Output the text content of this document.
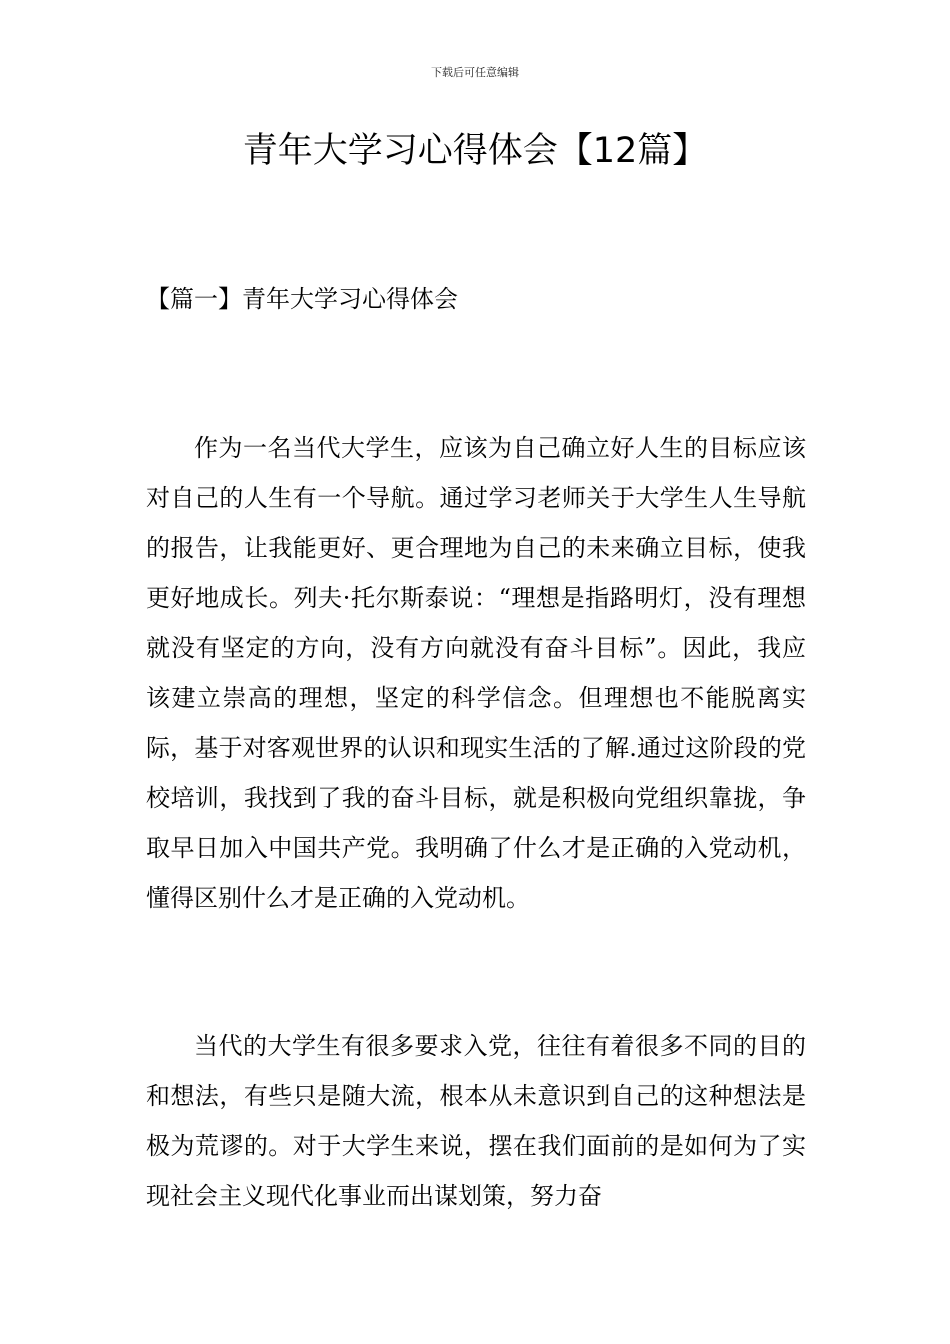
下载后可任意编辑
青年大学习心得体会【12篇】
【篇一】青年大学习心得体会

作为一名当代大学生，应该为自己确立好人生的目标应该对自己的人生有一个导航。通过学习老师关于大学生人生导航的报告，让我能更好、更合理地为自己的未来确立目标，使我更好地成长。列夫·托尔斯泰说：“理想是指路明灯，没有理想就没有坚定的方向，没有方向就没有奋斗目标”。因此，我应该建立崇高的理想，坚定的科学信念。但理想也不能脱离实际，基于对客观世界的认识和现实生活的了解.通过这阶段的党校培训，我找到了我的奋斗目标，就是积极向党组织靠拢，争取早日加入中国共产党。我明确了什么才是正确的入党动机，懂得区别什么才是正确的入党动机。

当代的大学生有很多要求入党，往往有着很多不同的目的和想法，有些只是随大流，根本从未意识到自己的这种想法是极为荒谬的。对于大学生来说，摆在我们面前的是如何为了实现社会主义现代化事业而出谋划策，努力奋
